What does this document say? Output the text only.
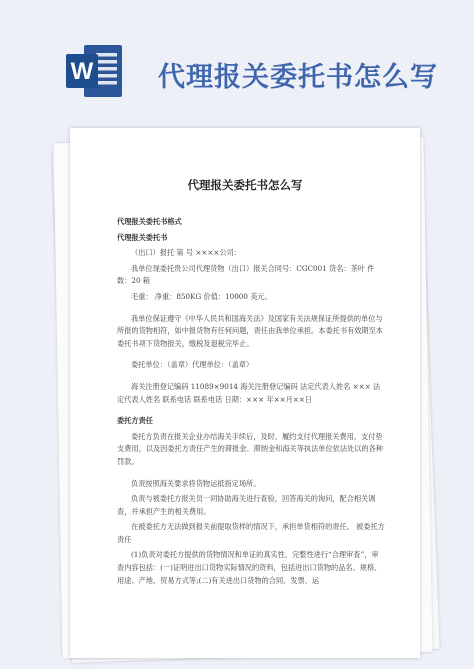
W 代理报关委托书怎么写
代理报关委托书怎么写

代理报关委托书格式

代理报关委托书

（出口）报托 第 号 ××××公司：

我单位现委托贵公司代理货物（出口）报关合同号：CGC001 货名：茶叶 件数：20 箱

毛重： 净重：850KG 价值：10000 美元。

我单位保证遵守《中华人民共和国海关法》及国家有关法规保证所提供的单位与所报的货物相符，如中报货物有任何问题，责任由我单位承担。本委托书有效期至本委托书项下货物报关，缴税及退税完毕止。

委托单位：（盖章）代理单位：（盖章）

海关注册登记编码 11089×9014 海关注册登记编码 法定代表人姓名 ××× 法定代表人姓名 联系电话 联系电话 日期：××× 年××月××日

委托方责任

委托方负责在报关企业办结海关手续后，及时、履约支付代理报关费用，支付垫支费用，以及因委托方责任产生的滞报金、滞纳金和海关等执法单位依法处以的各种罚款。

负责按照海关要求将货物运抵指定场所。

负责与被委托方报关员一同协助海关进行查验，回答海关的询问，配合相关调查，并承担产生的相关费用。

在被委托方无法做到报关前提取货样的情况下，承担单货相符的责任。 被委托方责任

(1)负责对委托方提供的货物情况和单证的真实性、完整性进行“合理审查”，审查内容包括：(一)证明进出口货物实际情况的资料，包括进出口货物的品名、规格、用途、产地、贸易方式等;(二)有关进出口货物的合同、发票、运
